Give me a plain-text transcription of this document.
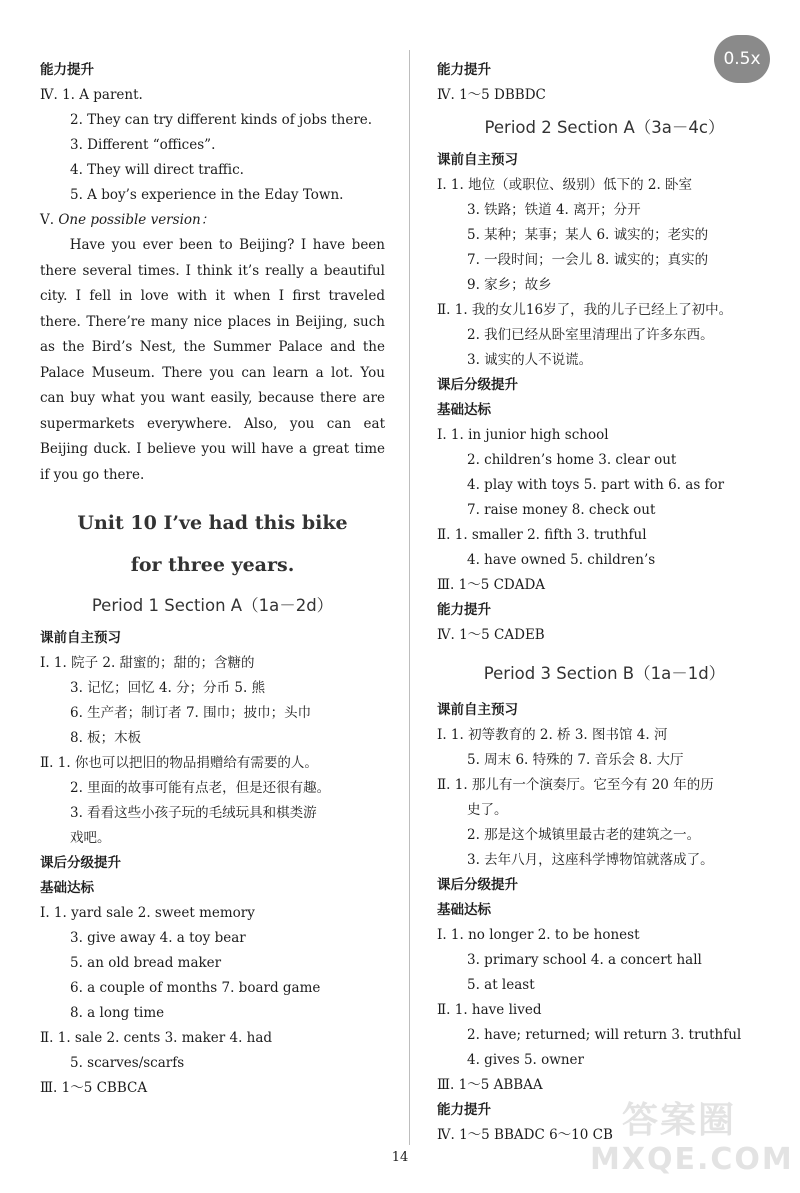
0.5x
能力提升
Ⅳ. 1. A parent.
2. They can try different kinds of jobs there.
3. Different “offices”.
4. They will direct traffic.
5. A boy’s experience in the Eday Town.
Ⅴ. One possible version：
Have you ever been to Beijing? I have been there several times. I think it’s really a beautiful city. I fell in love with it when I first traveled there. There’re many nice places in Beijing, such as the Bird’s Nest, the Summer Palace and the Palace Museum. There you can learn a lot. You can buy what you want easily, because there are supermarkets everywhere. Also, you can eat Beijing duck. I believe you will have a great time if you go there.
Unit 10 I’ve had this bike
for three years.
Period 1 Section A（1a－2d）
课前自主预习
Ⅰ. 1. 院子 2. 甜蜜的；甜的；含糖的
3. 记忆；回忆 4. 分；分币 5. 熊
6. 生产者；制订者 7. 围巾；披巾；头巾
8. 板；木板
Ⅱ. 1. 你也可以把旧的物品捐赠给有需要的人。
2. 里面的故事可能有点老，但是还很有趣。
3. 看看这些小孩子玩的毛绒玩具和棋类游
戏吧。
课后分级提升
基础达标
Ⅰ. 1. yard sale 2. sweet memory
3. give away 4. a toy bear
5. an old bread maker
6. a couple of months 7. board game
8. a long time
Ⅱ. 1. sale 2. cents 3. maker 4. had
5. scarves/scarfs
Ⅲ. 1～5 CBBCA
能力提升
Ⅳ. 1～5 DBBDC
Period 2 Section A（3a－4c）
课前自主预习
Ⅰ. 1. 地位（或职位、级别）低下的 2. 卧室
3. 铁路；铁道 4. 离开；分开
5. 某种；某事；某人 6. 诚实的；老实的
7. 一段时间；一会儿 8. 诚实的；真实的
9. 家乡；故乡
Ⅱ. 1. 我的女儿16岁了，我的儿子已经上了初中。
2. 我们已经从卧室里清理出了许多东西。
3. 诚实的人不说谎。
课后分级提升
基础达标
Ⅰ. 1. in junior high school
2. children’s home 3. clear out
4. play with toys 5. part with 6. as for
7. raise money 8. check out
Ⅱ. 1. smaller 2. fifth 3. truthful
4. have owned 5. children’s
Ⅲ. 1～5 CDADA
能力提升
Ⅳ. 1～5 CADEB
Period 3 Section B（1a－1d）
课前自主预习
Ⅰ. 1. 初等教育的 2. 桥 3. 图书馆 4. 河
5. 周末 6. 特殊的 7. 音乐会 8. 大厅
Ⅱ. 1. 那儿有一个演奏厅。它至今有 20 年的历
史了。
2. 那是这个城镇里最古老的建筑之一。
3. 去年八月，这座科学博物馆就落成了。
课后分级提升
基础达标
Ⅰ. 1. no longer 2. to be honest
3. primary school 4. a concert hall
5. at least
Ⅱ. 1. have lived
2. have; returned; will return 3. truthful
4. gives 5. owner
Ⅲ. 1～5 ABBAA
能力提升
Ⅳ. 1～5 BBADC 6～10 CB
14
答案圈
MXQE.COM
